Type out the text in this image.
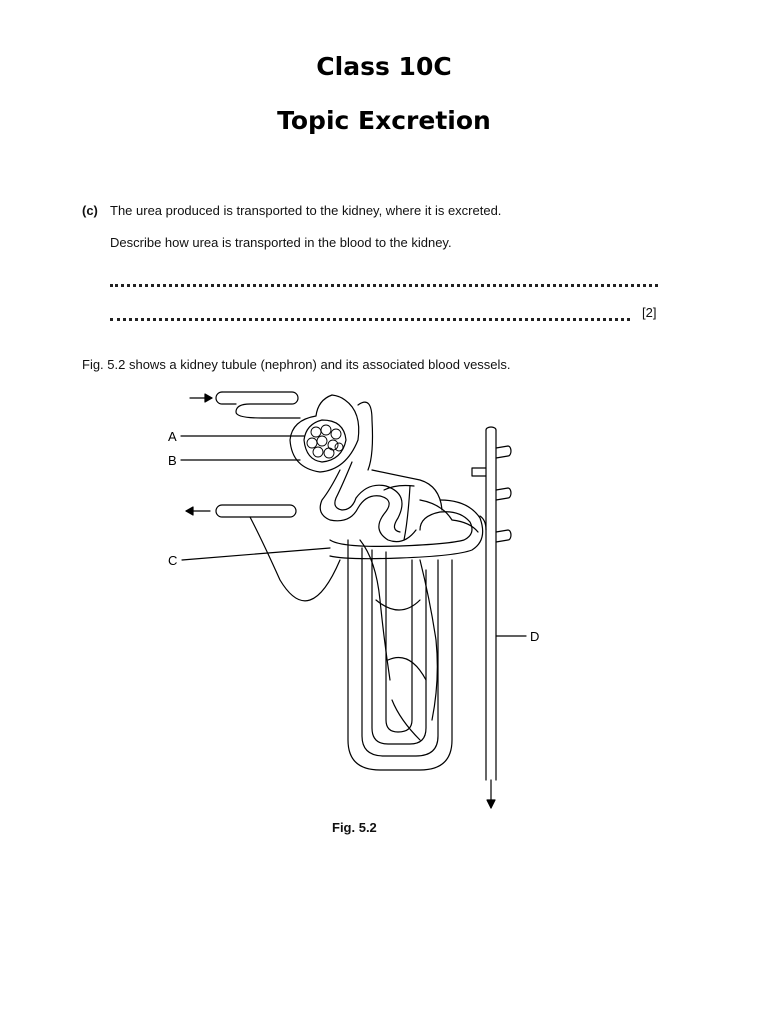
Class 10C
Topic Excretion
(c) The urea produced is transported to the kidney, where it is excreted.
Describe how urea is transported in the blood to the kidney.
[2]
Fig. 5.2 shows a kidney tubule (nephron) and its associated blood vessels.
A
B
C
D
Fig. 5.2
